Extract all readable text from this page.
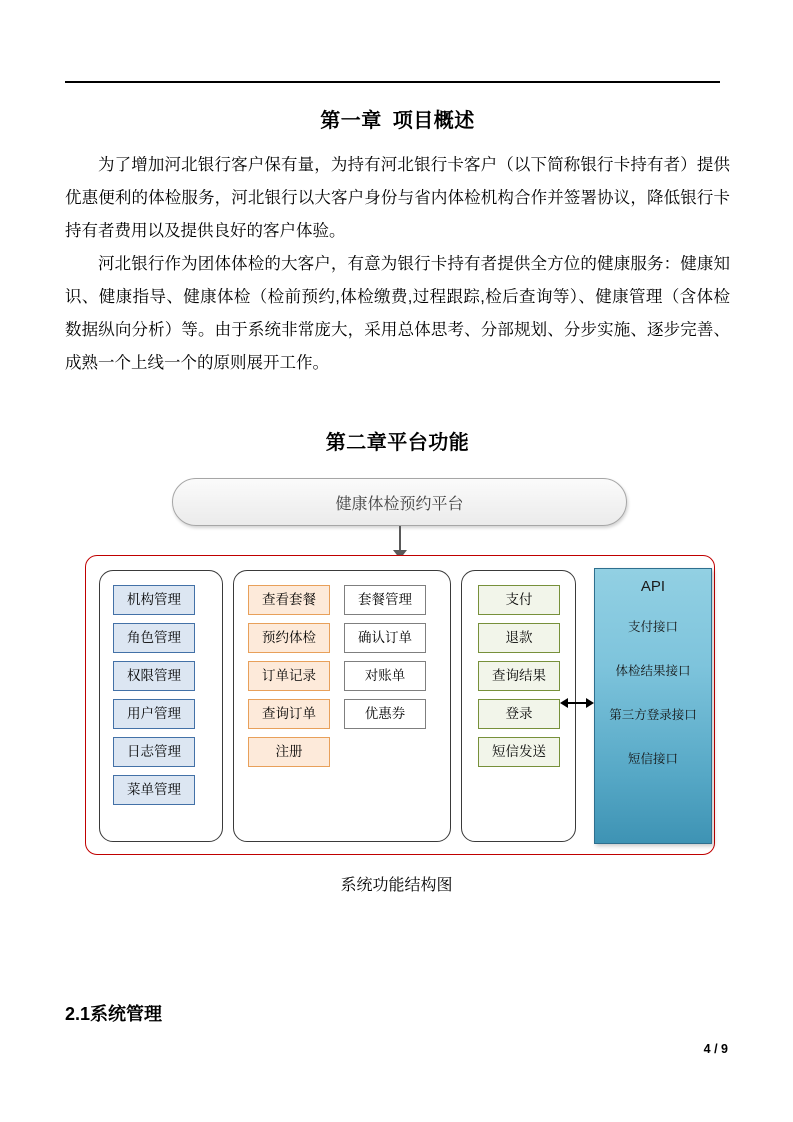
第一章 项目概述

为了增加河北银行客户保有量，为持有河北银行卡客户（以下简称银行卡持有者）提供优惠便利的体检服务，河北银行以大客户身份与省内体检机构合作并签署协议，降低银行卡持有者费用以及提供良好的客户体验。

河北银行作为团体体检的大客户，有意为银行卡持有者提供全方位的健康服务：健康知识、健康指导、健康体检（检前预约,体检缴费,过程跟踪,检后查询等）、健康管理（含体检数据纵向分析）等。由于系统非常庞大，采用总体思考、分部规划、分步实施、逐步完善、成熟一个上线一个的原则展开工作。

第二章平台功能
健康体检预约平台
机构管理
角色管理
权限管理
用户管理
日志管理
菜单管理
查看套餐
预约体检
订单记录
查询订单
注册
套餐管理
确认订单
对账单
优惠券
支付
退款
查询结果
登录
短信发送
API
支付接口
体检结果接口
第三方登录接口
短信接口
系统功能结构图
2.1系统管理
4 / 9
